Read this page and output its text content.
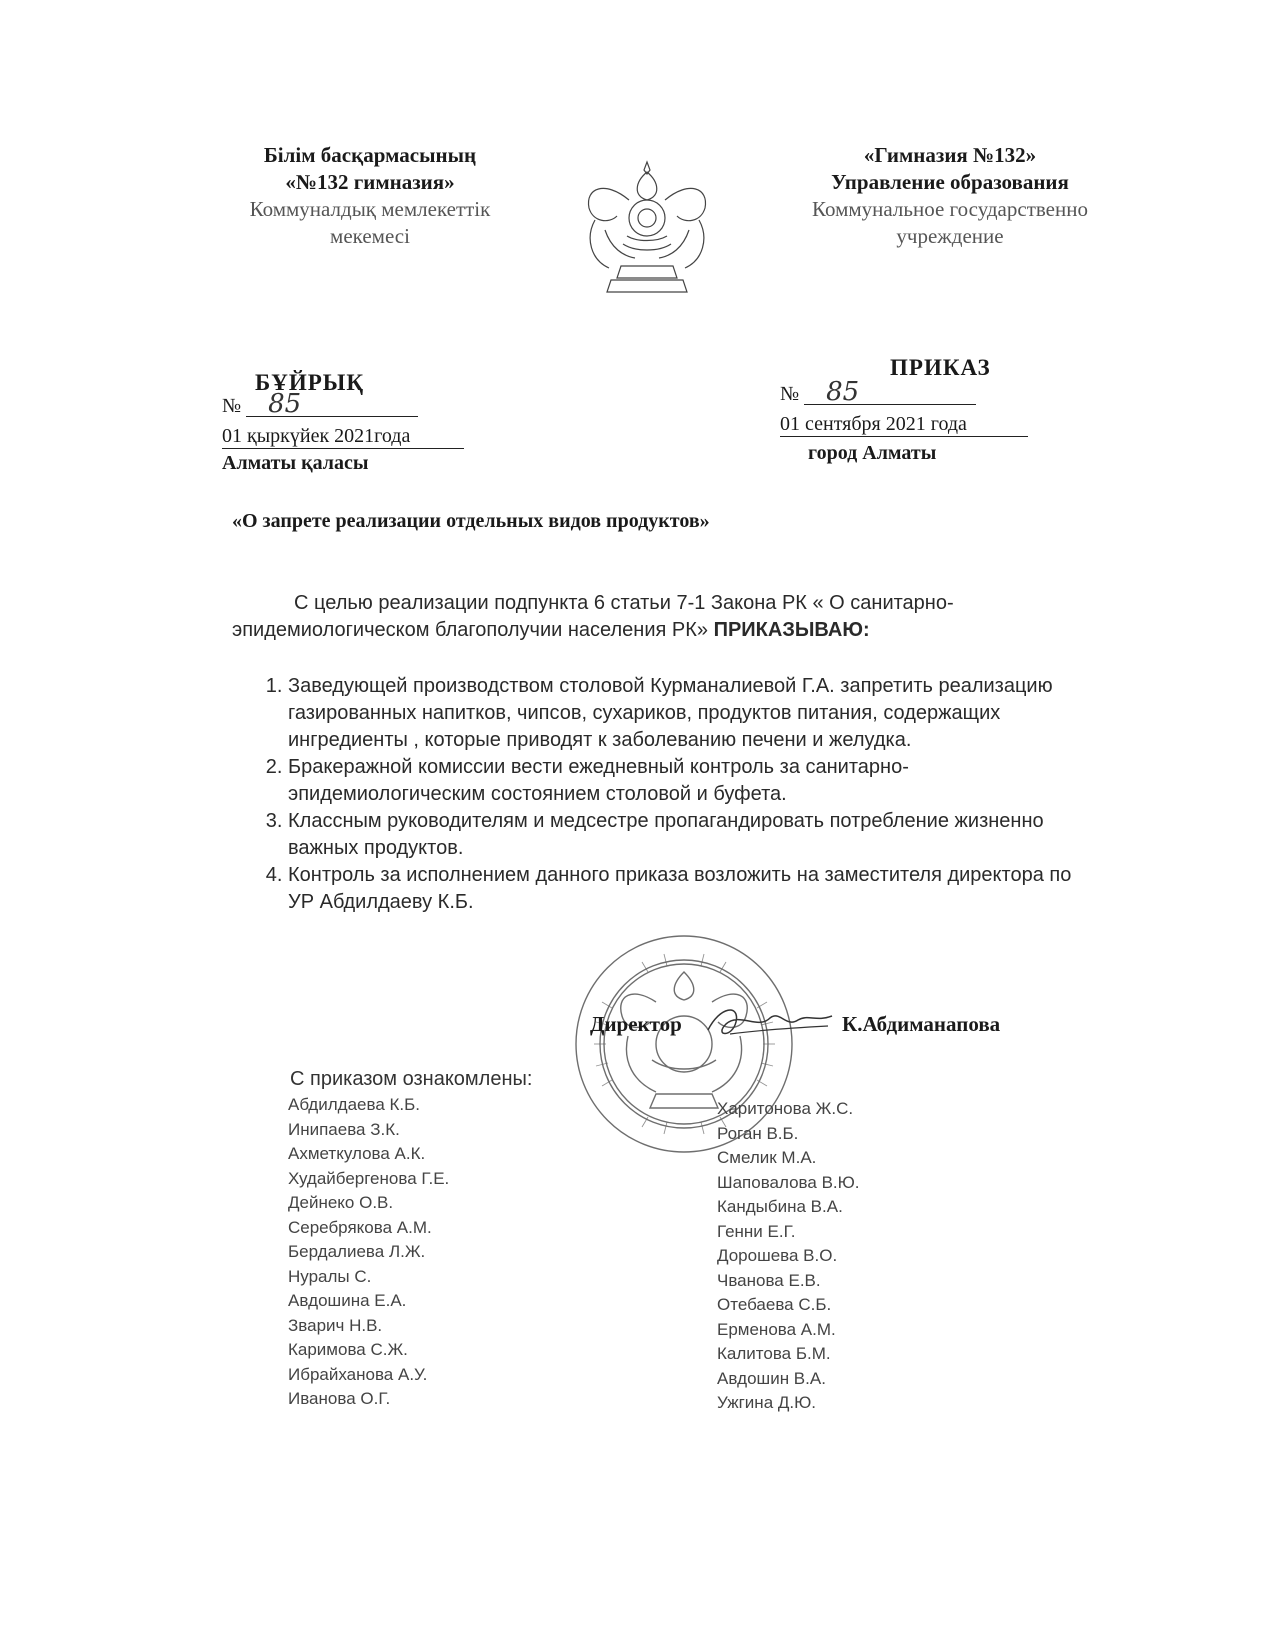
Білім басқармасының
«№132 гимназия»
Коммуналдық мемлекеттік
мекемесі
«Гимназия №132»
Управление образования
Коммунальное государственно
учреждение
БҰЙРЫҚ
№ 85
01 қыркүйек 2021года
Алматы қаласы
ПРИКАЗ
№ 85
01 сентября 2021 года
город Алматы
«О запрете реализации отдельных видов продуктов»
С целью реализации подпункта 6 статьи 7-1 Закона РК « О санитарно-эпидемиологическом благополучии населения РК» ПРИКАЗЫВАЮ:
1. Заведующей производством столовой Курманалиевой Г.А. запретить реализацию газированных напитков, чипсов, сухариков, продуктов питания, содержащих ингредиенты , которые приводят к заболеванию печени и желудка.
2. Бракеражной комиссии вести ежедневный контроль за санитарно-эпидемиологическим состоянием столовой и буфета.
3. Классным руководителям и медсестре пропагандировать потребление жизненно важных продуктов.
4. Контроль за исполнением данного приказа возложить на заместителя директора по УР Абдилдаеву К.Б.
Директор	К.Абдиманапова
С приказом ознакомлены:
Абдилдаева К.Б.
Инипаева З.К.
Ахметкулова А.К.
Худайбергенова Г.Е.
Дейнеко О.В.
Серебрякова А.М.
Бердалиева Л.Ж.
Нуралы С.
Авдошина Е.А.
Зварич Н.В.
Каримова С.Ж.
Ибрайханова А.У.
Иванова О.Г.
Харитонова Ж.С.
Роган В.Б.
Смелик М.А.
Шаповалова В.Ю.
Кандыбина В.А.
Генни Е.Г.
Дорошева В.О.
Чванова Е.В.
Отебаева С.Б.
Ерменова А.М.
Калитова Б.М.
Авдошин В.А.
Ужгина Д.Ю.
